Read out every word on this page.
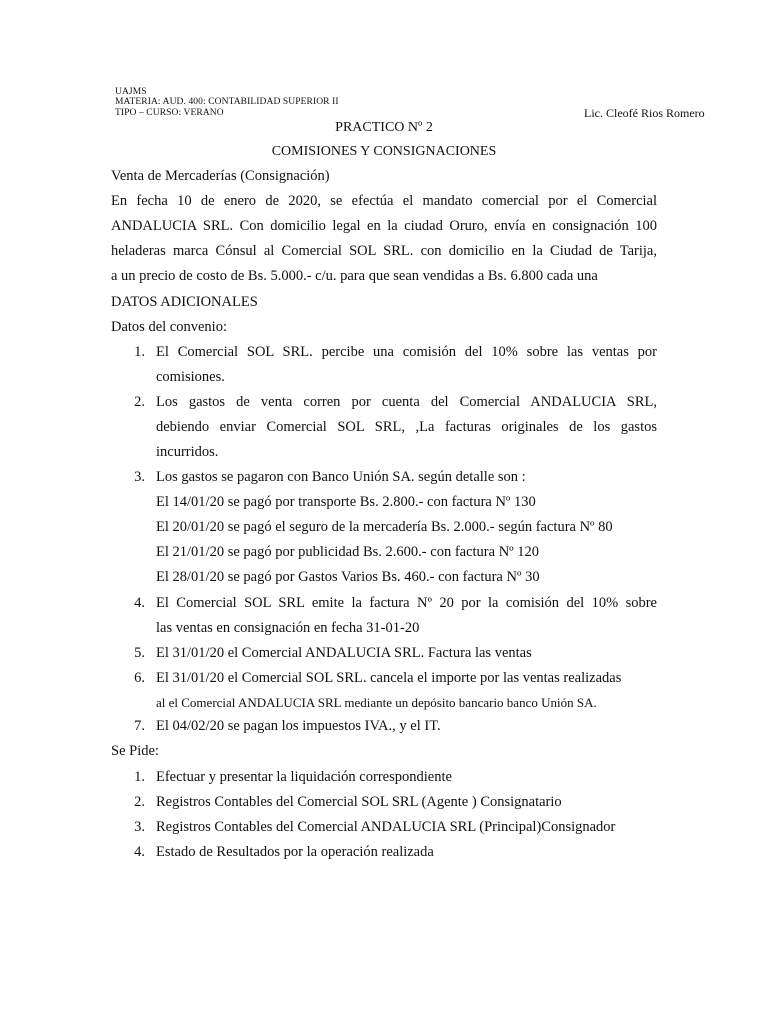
UAJMS
MATERIA: AUD. 400: CONTABILIDAD SUPERIOR II
TIPO – CURSO: VERANO	Lic. Cleofé Rios Romero
PRACTICO Nº 2
COMISIONES Y CONSIGNACIONES
Venta de Mercaderías (Consignación)
En fecha 10 de enero de 2020, se efectúa el mandato comercial por el Comercial
ANDALUCIA SRL. Con domicilio legal en la ciudad Oruro, envía en consignación 100
heladeras marca Cónsul al Comercial SOL SRL. con domicilio en la Ciudad de Tarija,
a un precio de costo de Bs. 5.000.- c/u. para que sean vendidas a Bs. 6.800 cada una
DATOS ADICIONALES
Datos del convenio:
1. El Comercial SOL SRL. percibe una comisión del 10% sobre las ventas por
comisiones.
2. Los gastos de venta corren por cuenta del Comercial ANDALUCIA SRL,
debiendo enviar Comercial SOL SRL, ,La facturas originales de los gastos
incurridos.
3. Los gastos se pagaron con Banco Unión SA. según detalle son :
El 14/01/20 se pagó por transporte Bs. 2.800.- con factura Nº 130
El 20/01/20 se pagó el seguro de la mercadería Bs. 2.000.- según factura Nº 80
El 21/01/20 se pagó por publicidad Bs. 2.600.- con factura Nº 120
El 28/01/20 se pagó por Gastos Varios Bs. 460.- con factura Nº 30
4. El Comercial SOL SRL emite la factura Nº 20 por la comisión del 10% sobre
las ventas en consignación en fecha 31-01-20
5. El 31/01/20 el Comercial ANDALUCIA SRL. Factura las ventas
6. El 31/01/20 el Comercial SOL SRL. cancela el importe por las ventas realizadas
al el Comercial ANDALUCIA SRL mediante un depósito bancario banco Unión SA.
7. El 04/02/20 se pagan los impuestos IVA., y el IT.
Se Pide:
1. Efectuar y presentar la liquidación correspondiente
2. Registros Contables del Comercial SOL SRL (Agente ) Consignatario
3. Registros Contables del Comercial ANDALUCIA SRL (Principal)Consignador
4. Estado de Resultados por la operación realizada
